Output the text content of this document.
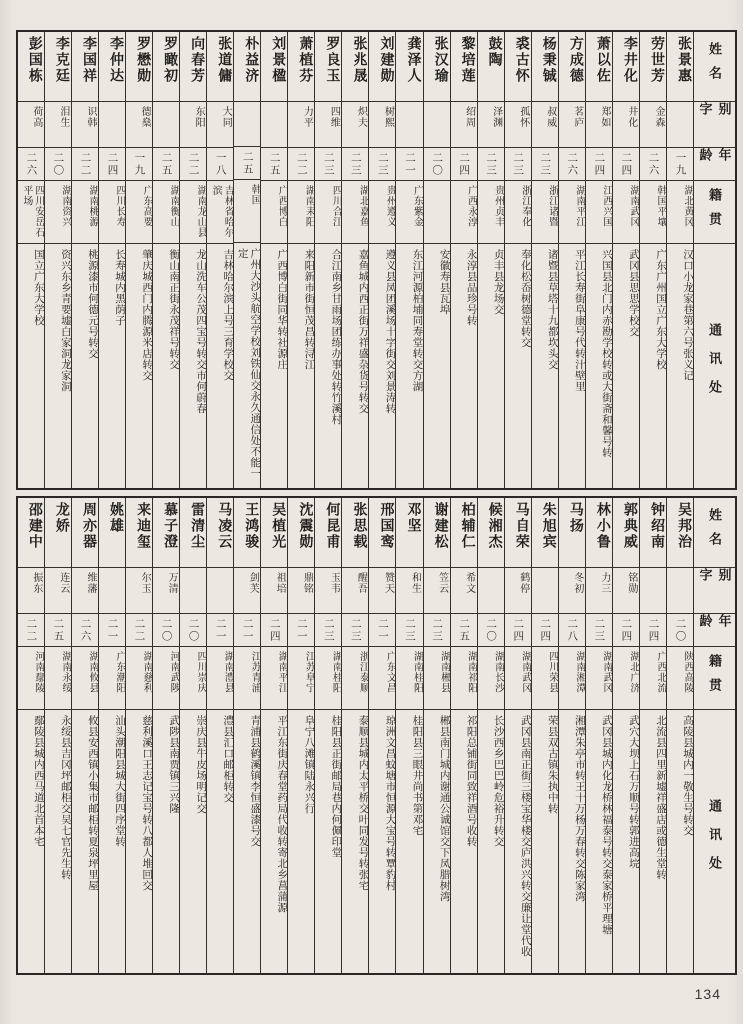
姓名
别字
年龄
籍贯
通讯处
张景惠
一九
湖北黄冈
汉口小龙家巷第六号张义记
劳世芳
金森
二六
韩国平壤
广东广州国立广东大学校
李井化
井化
二四
湖南武冈
武冈县思思学校交
萧以佐
郑如
二四
江西兴国
兴国县北门内赤勘学校转或大街斋和馨号转
方成德
茗庐
二六
湖南平江
平江长寿街阜康号代转汁壁里
杨秉铖
叔威
二三
浙江诸暨
诸暨县草塔十九都坎头交
裘古怀
孤怀
二三
浙江奉化
奉化松岙树德堂转交
鼓陶
泽渊
二三
贵州贞丰
贞丰县龙场交
黎培莲
绍周
二四
广西永淳
永淳县品珍号转
张汉瑜
二〇
安徽寿县瓦埠
龚泽人
二一
广东紫金
东江河源柏埔同寿堂转交方湖
刘建勋
树熙
二三
贵州遵义
遵义县凤团溪场十字街交刘景涛转
张兆晟
炽夫
二三
湖北嘉鱼
嘉鱼城内西正街万祥盛杂货号转交
罗良玉
四维
二三
四川合江
合江南乡甘雨场团练办事处转竹溪村
萧植芬
力平
二二
湖南耒阳
来阳新市街恒茂昌转浔江
刘景楹
二五
广西博白
广西博白街同华转社源庄
朴益济
二五
韩国
广州大沙头航空学校刘铁仙交永久通信处不能一定
张道傭
大同
一八
吉林省哈尔滨
吉林哈尔滨上号三育学校交
向春芳
东阳
二二
湖南龙山县
龙山洗车公茂四宝号转交市何蔚春
罗瞰初
二五
湖南衡山
衡山南正街永茂祥号转交
罗懋勋
德燊
一九
广东高要
肇庆城西门内腾源米店转交
李仲达
二四
四川长寿
长寿城内黑荫子
李国祥
识韩
二二
湖南桃源
桃源漆市何德元号转交
李克廷
泪生
二〇
湖南资兴
资兴东乡青要墟白家洞龙家洞
彭国栋
荷高
二六
四川安岳石平场
国立广东大学校
姓名
别字
年龄
籍贯
通讯处
吴邦治
二〇
陕西高陵
高陵县城内一敬生号转交
钟绍南
二四
广西北流
北流县四里新墟祥盛店或德生堂转
郭典威
铭勋
二四
湖北广济
武穴大坝上石万顺号转郭进高垸
林小鲁
力三
二三
湖南武冈
武冈县城内化龙桥林福泰号转交泰家桥平理塘
马扬
冬初
二八
湖南湘潭
湘潭朱亭市转王十万杨万春转交陈家湾
朱旭宾
二四
四川荣县
荣县双古镇朱执中转
马自荣
鹤停
二四
湖南武冈
武冈县南正街三楼宝华楼交庐洪兴转交廉让堂代收
候湘杰
二〇
湖南长沙
长沙西乡巴巴岭危裕升转交
柏辅仁
希文
二五
湖南祁阳
祁阳总铺街同致祥酒号收转
谢建松
笠云
二三
湖南郴县
郴县南门城内谢通公诚馆交下凤腊树湾
邓坚
和生
二三
湖南桂阳
桂阳县三眼井尚书第邓宅
邢国鸾
赞天
二一
广东文昌
琼洲文昌蚊塘市恒源大宝号转覃豹村
张思载
醒吾
二三
浙江泰顺
泰顺县城内太平桥交叶同发号转张宅
何昆甫
玉韦
二三
湖南桂阳
桂阳县正街邮局巷内何佩印堂
沈震勋
鼎铭
二一
江苏阜宁
阜宁八滩镇陆永兴行
吴植光
祖培
二四
湖南平江
平江东街庆春堂药局代收转寄北乡菖蒲源
王鸿骏
剑芙
二一
江苏青浦
青浦县鹤溪镇李恒盛漆号交
马凌云
二一
湖南澧县
澧县汇口邮柜转交
雷清尘
二〇
四川崇庆
崇庆县牛皮场明记交
慕子澄
万清
二〇
河南武陟
武陟县南贾镇三兴隆
来迪玺
尔玉
二二
湖南慈利
慈利溪口王志记宝号转八都人堆回交
姚雄
二一
广东潮阳
汕头潮阳县城大街四序堂转
周亦器
维藩
二六
湖南攸县
攸县安西镇小集市邮柜转夏泉坪里屋
龙娇
连云
二五
湖南永绥
永绥县吉冈坪邮柜交吴七官先生转
邵建中
振东
二二
河南鄢陵
鄢陵县城内西马道北首本宅
134
